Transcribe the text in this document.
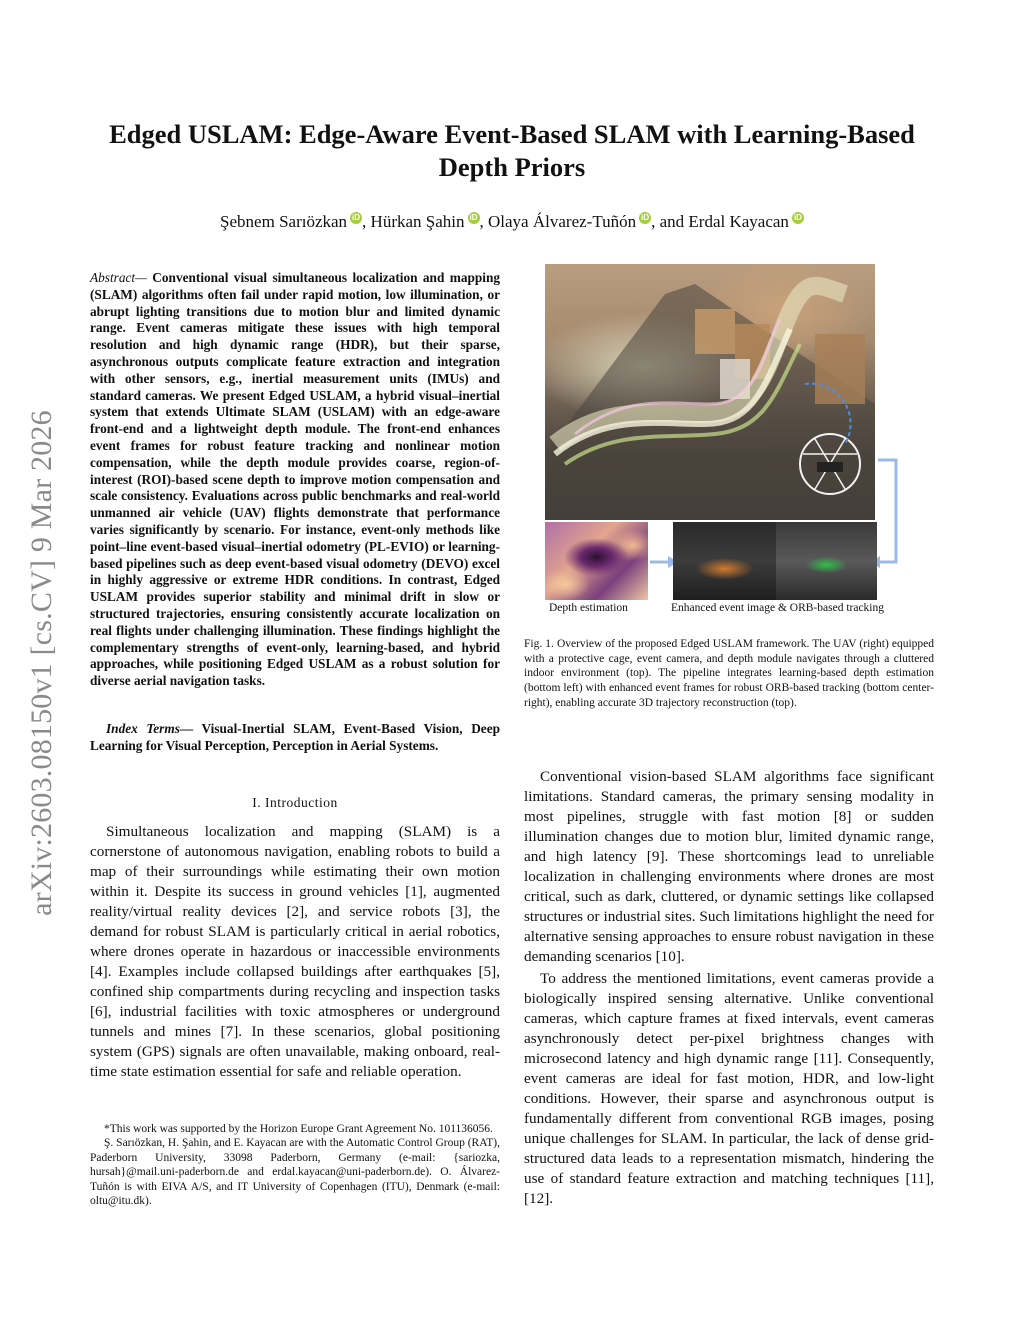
arXiv:2603.08150v1 [cs.CV] 9 Mar 2026
Edged USLAM: Edge-Aware Event-Based SLAM with Learning-Based Depth Priors
Şebnem Sarıözkan iD , Hürkan Şahin iD , Olaya Álvarez-Tuñón iD , and Erdal Kayacan iD
Abstract— Conventional visual simultaneous localization and mapping (SLAM) algorithms often fail under rapid motion, low illumination, or abrupt lighting transitions due to motion blur and limited dynamic range. Event cameras mitigate these issues with high temporal resolution and high dynamic range (HDR), but their sparse, asynchronous outputs complicate feature extraction and integration with other sensors, e.g., inertial measurement units (IMUs) and standard cameras. We present Edged USLAM, a hybrid visual–inertial system that extends Ultimate SLAM (USLAM) with an edge-aware front-end and a lightweight depth module. The front-end enhances event frames for robust feature tracking and nonlinear motion compensation, while the depth module provides coarse, region-of-interest (ROI)-based scene depth to improve motion compensation and scale consistency. Evaluations across public benchmarks and real-world unmanned air vehicle (UAV) flights demonstrate that performance varies significantly by scenario. For instance, event-only methods like point–line event-based visual–inertial odometry (PL-EVIO) or learning-based pipelines such as deep event-based visual odometry (DEVO) excel in highly aggressive or extreme HDR conditions. In contrast, Edged USLAM provides superior stability and minimal drift in slow or structured trajectories, ensuring consistently accurate localization on real flights under challenging illumination. These findings highlight the complementary strengths of event-only, learning-based, and hybrid approaches, while positioning Edged USLAM as a robust solution for diverse aerial navigation tasks.
Index Terms— Visual-Inertial SLAM, Event-Based Vision, Deep Learning for Visual Perception, Perception in Aerial Systems.
I. Introduction

Simultaneous localization and mapping (SLAM) is a cornerstone of autonomous navigation, enabling robots to build a map of their surroundings while estimating their own motion within it. Despite its success in ground vehicles [1], augmented reality/virtual reality devices [2], and service robots [3], the demand for robust SLAM is particularly critical in aerial robotics, where drones operate in hazardous or inaccessible environments [4]. Examples include collapsed buildings after earthquakes [5], confined ship compartments during recycling and inspection tasks [6], industrial facilities with toxic atmospheres or underground tunnels and mines [7]. In these scenarios, global positioning system (GPS) signals are often unavailable, making onboard, real-time state estimation essential for safe and reliable operation.

*This work was supported by the Horizon Europe Grant Agreement No. 101136056.

Ş. Sarıözkan, H. Şahin, and E. Kayacan are with the Automatic Control Group (RAT), Paderborn University, 33098 Paderborn, Germany (e-mail: {sariozka, hursah}@mail.uni-paderborn.de and erdal.kayacan@uni-paderborn.de). O. Álvarez-Tuñón is with EIVA A/S, and IT University of Copenhagen (ITU), Denmark (e-mail: oltu@itu.dk).

Depth estimation	Enhanced event image & ORB-based tracking
Fig. 1. Overview of the proposed Edged USLAM framework. The UAV (right) equipped with a protective cage, event camera, and depth module navigates through a cluttered indoor environment (top). The pipeline integrates learning-based depth estimation (bottom left) with enhanced event frames for robust ORB-based tracking (bottom center-right), enabling accurate 3D trajectory reconstruction (top).

Conventional vision-based SLAM algorithms face significant limitations. Standard cameras, the primary sensing modality in most pipelines, struggle with fast motion [8] or sudden illumination changes due to motion blur, limited dynamic range, and high latency [9]. These shortcomings lead to unreliable localization in challenging environments where drones are most critical, such as dark, cluttered, or dynamic settings like collapsed structures or industrial sites. Such limitations highlight the need for alternative sensing approaches to ensure robust navigation in these demanding scenarios [10].

To address the mentioned limitations, event cameras provide a biologically inspired sensing alternative. Unlike conventional cameras, which capture frames at fixed intervals, event cameras asynchronously detect per-pixel brightness changes with microsecond latency and high dynamic range [11]. Consequently, event cameras are ideal for fast motion, HDR, and low-light conditions. However, their sparse and asynchronous output is fundamentally different from conventional RGB images, posing unique challenges for SLAM. In particular, the lack of dense grid-structured data leads to a representation mismatch, hindering the use of standard feature extraction and matching techniques [11], [12].
